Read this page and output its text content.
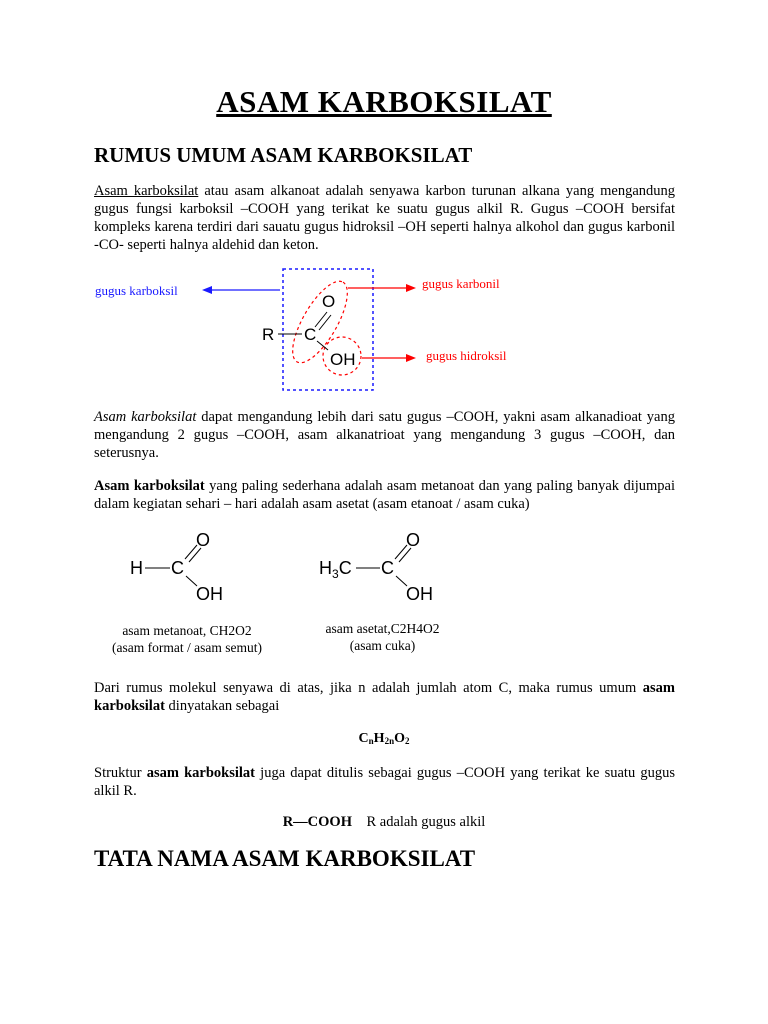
ASAM KARBOKSILAT
RUMUS UMUM ASAM KARBOKSILAT
Asam karboksilat atau asam alkanoat adalah senyawa karbon turunan alkana yang mengandung gugus fungsi karboksil –COOH yang terikat ke suatu gugus alkil R. Gugus –COOH bersifat kompleks karena terdiri dari sauatu gugus hidroksil –OH seperti halnya alkohol dan gugus karbonil -CO- seperti halnya aldehid dan keton.
gugus karboksil	gugus karbonil
gugus hidroksil
O
R C
OH
Asam karboksilat dapat mengandung lebih dari satu gugus –COOH, yakni asam alkanadioat yang mengandung 2 gugus –COOH, asam alkanatrioat yang mengandung 3 gugus –COOH, dan seterusnya.
Asam karboksilat yang paling sederhana adalah asam metanoat dan yang paling banyak dijumpai dalam kegiatan sehari – hari adalah asam asetat (asam etanoat / asam cuka)
H C
O
OH
$H_3C$ C
O
OH
asam metanoat, CH2O2
(asam format / asam semut)
asam asetat,C2H4O2
(asam cuka)
Dari rumus molekul senyawa di atas, jika n adalah jumlah atom C, maka rumus umum asam karboksilat dinyatakan sebagai
$C_nH_{2n}O_2$
Struktur asam karboksilat juga dapat ditulis sebagai gugus –COOH yang terikat ke suatu gugus alkil R.
R—COOH R adalah gugus alkil
TATA NAMA ASAM KARBOKSILAT
